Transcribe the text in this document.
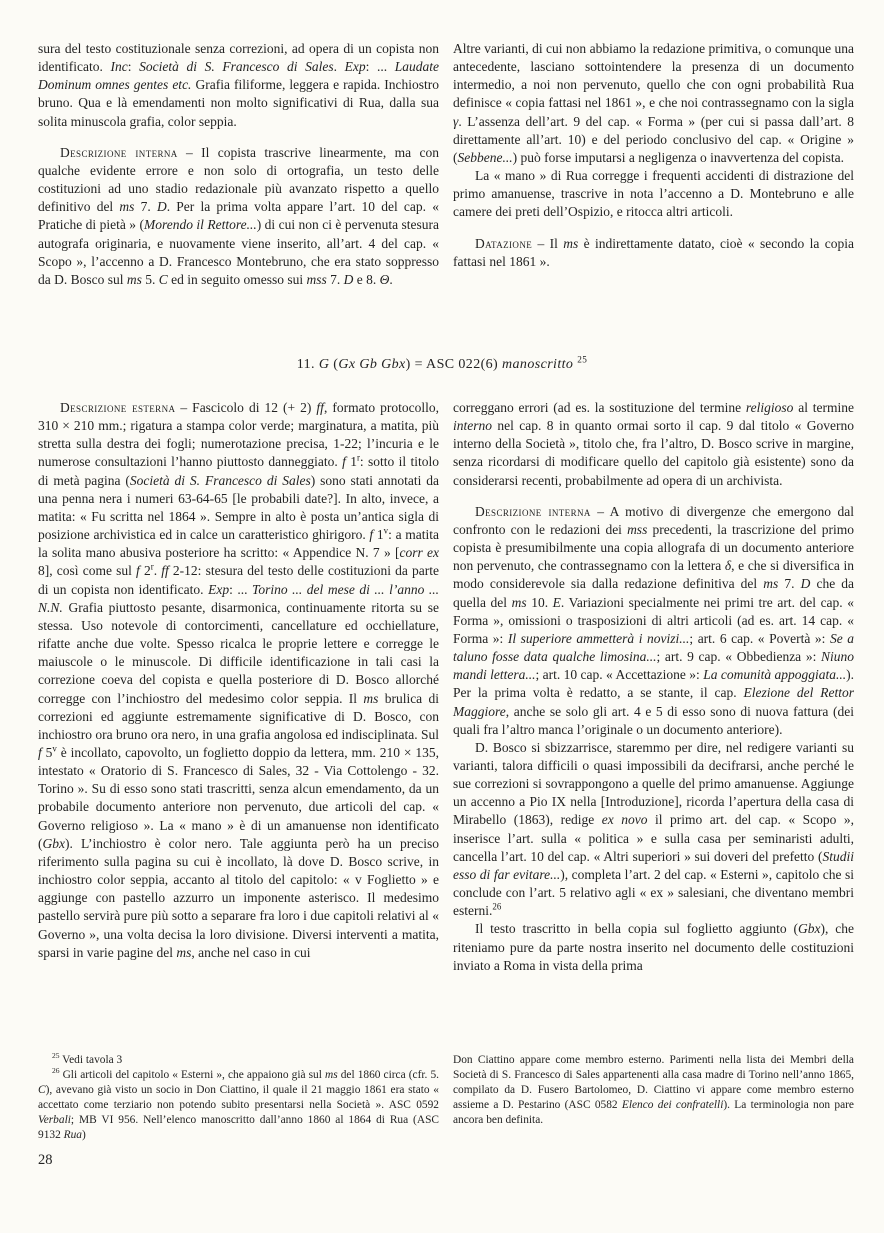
sura del testo costituzionale senza correzioni, ad opera di un copista non identificato. Inc: Società di S. Francesco di Sales. Exp: ... Laudate Dominum omnes gentes etc. Grafia filiforme, leggera e rapida. Inchiostro bruno. Qua e là emendamenti non molto significativi di Rua, dalla sua solita minuscola grafia, color seppia.

Descrizione interna – Il copista trascrive linearmente, ma con qualche evidente errore e non solo di ortografia, un testo delle costituzioni ad uno stadio redazionale più avanzato rispetto a quello definitivo del ms 7. D. Per la prima volta appare l’art. 10 del cap. « Pratiche di pietà » (Morendo il Rettore...) di cui non ci è pervenuta stesura autografa originaria, e nuovamente viene inserito, all’art. 4 del cap. « Scopo », l’accenno a D. Francesco Montebruno, che era stato soppresso da D. Bosco sul ms 5. C ed in seguito omesso sui mss 7. D e 8. Θ.

Altre varianti, di cui non abbiamo la redazione primitiva, o comunque una antecedente, lasciano sottointendere la presenza di un documento intermedio, a noi non pervenuto, quello che con ogni probabilità Rua definisce « copia fattasi nel 1861 », e che noi contrassegnamo con la sigla γ. L’assenza dell’art. 9 del cap. « Forma » (per cui si passa dall’art. 8 direttamente all’art. 10) e del periodo conclusivo del cap. « Origine » (Sebbene...) può forse imputarsi a negligenza o inavvertenza del copista.

La « mano » di Rua corregge i frequenti accidenti di distrazione del primo amanuense, trascrive in nota l’accenno a D. Montebruno e alle camere dei preti dell’Ospizio, e ritocca altri articoli.

Datazione – Il ms è indirettamente datato, cioè « secondo la copia fattasi nel 1861 ».

11. G (Gx Gb Gbx) = ASC 022(6) manoscritto $^{25}$

Descrizione esterna – Fascicolo di 12 (+ 2) ff, formato protocollo, 310 × 210 mm.; rigatura a stampa color verde; marginatura, a matita, più stretta sulla destra dei fogli; numerotazione precisa, 1-22; l’incuria e le numerose consultazioni l’hanno piuttosto danneggiato. f 1$^r$: sotto il titolo di metà pagina (Società di S. Francesco di Sales) sono stati annotati da una penna nera i numeri 63-64-65 [le probabili date?]. In alto, invece, a matita: « Fu scritta nel 1864 ». Sempre in alto è posta un’antica sigla di posizione archivistica ed in calce un caratteristico ghirigoro. f 1$^v$: a matita la solita mano abusiva posteriore ha scritto: « Appendice N. 7 » [corr ex 8], così come sul f 2$^r$. ff 2-12: stesura del testo delle costituzioni da parte di un copista non identificato. Exp: ... Torino ... del mese di ... l’anno ... N.N. Grafia piuttosto pesante, disarmonica, continuamente ritorta su se stessa. Uso notevole di contorcimenti, cancellature ed occhiellature, rifatte anche due volte. Spesso ricalca le proprie lettere e corregge le maiuscole o le minuscole. Di difficile identificazione in tali casi la correzione coeva del copista e quella posteriore di D. Bosco allorché corregge con l’inchiostro del medesimo color seppia. Il ms brulica di correzioni ed aggiunte estremamente significative di D. Bosco, con inchiostro ora bruno ora nero, in una grafia angolosa ed indisciplinata. Sul f 5$^v$ è incollato, capovolto, un foglietto doppio da lettera, mm. 210 × 135, intestato « Oratorio di S. Francesco di Sales, 32 - Via Cottolengo - 32. Torino ». Su di esso sono stati trascritti, senza alcun emendamento, da un probabile documento anteriore non pervenuto, due articoli del cap. « Governo religioso ». La « mano » è di un amanuense non identificato (Gbx). L’inchiostro è color nero. Tale aggiunta però ha un preciso riferimento sulla pagina su cui è incollato, là dove D. Bosco scrive, in inchiostro color seppia, accanto al titolo del capitolo: « v Foglietto » e aggiunge con pastello azzurro un imponente asterisco. Il medesimo pastello servirà pure più sotto a separare fra loro i due capitoli relativi al « Governo », una volta decisa la loro divisione. Diversi interventi a matita, sparsi in varie pagine del ms, anche nel caso in cui

correggano errori (ad es. la sostituzione del termine religioso al termine interno nel cap. 8 in quanto ormai sorto il cap. 9 dal titolo « Governo interno della Società », titolo che, fra l’altro, D. Bosco scrive in margine, senza ricordarsi di modificare quello del capitolo già esistente) sono da considerarsi recenti, probabilmente ad opera di un archivista.

Descrizione interna – A motivo di divergenze che emergono dal confronto con le redazioni dei mss precedenti, la trascrizione del primo copista è presumibilmente una copia allografa di un documento anteriore non pervenuto, che contrassegnamo con la lettera δ, e che si diversifica in modo considerevole sia dalla redazione definitiva del ms 7. D che da quella del ms 10. E. Variazioni specialmente nei primi tre art. del cap. « Forma », omissioni o trasposizioni di altri articoli (ad es. art. 14 cap. « Forma »: Il superiore ammetterà i novizi...; art. 6 cap. « Povertà »: Se a taluno fosse data qualche limosina...; art. 9 cap. « Obbedienza »: Niuno mandi lettera...; art. 10 cap. « Accettazione »: La comunità appoggiata...). Per la prima volta è redatto, a se stante, il cap. Elezione del Rettor Maggiore, anche se solo gli art. 4 e 5 di esso sono di nuova fattura (dei quali fra l’altro manca l’originale o un documento anteriore).

D. Bosco si sbizzarrisce, staremmo per dire, nel redigere varianti su varianti, talora difficili o quasi impossibili da decifrarsi, anche perché le sue correzioni si sovrappongono a quelle del primo amanuense. Aggiunge un accenno a Pio IX nella [Introduzione], ricorda l’apertura della casa di Mirabello (1863), redige ex novo il primo art. del cap. « Scopo », inserisce l’art. sulla « politica » e sulla casa per seminaristi adulti, cancella l’art. 10 del cap. « Altri superiori » sui doveri del prefetto (Studii esso di far evitare...), completa l’art. 2 del cap. « Esterni », capitolo che si conclude con l’art. 5 relativo agli « ex » salesiani, che diventano membri esterni.$^{26}$

Il testo trascritto in bella copia sul foglietto aggiunto (Gbx), che riteniamo pure da parte nostra inserito nel documento delle costituzioni inviato a Roma in vista della prima

$^{25}$ Vedi tavola 3

$^{26}$ Gli articoli del capitolo « Esterni », che appaiono già sul ms del 1860 circa (cfr. 5. C), avevano già visto un socio in Don Ciattino, il quale il 21 maggio 1861 era stato « accettato come terziario non potendo subito presentarsi nella Società ». ASC 0592 Verbali; MB VI 956. Nell’elenco manoscritto dall’anno 1860 al 1864 di Rua (ASC 9132 Rua)

Don Ciattino appare come membro esterno. Parimenti nella lista dei Membri della Società di S. Francesco di Sales appartenenti alla casa madre di Torino nell’anno 1865, compilato da D. Fusero Bartolomeo, D. Ciattino vi appare come membro esterno assieme a D. Pestarino (ASC 0582 Elenco dei confratelli). La terminologia non pare ancora ben definita.

28
